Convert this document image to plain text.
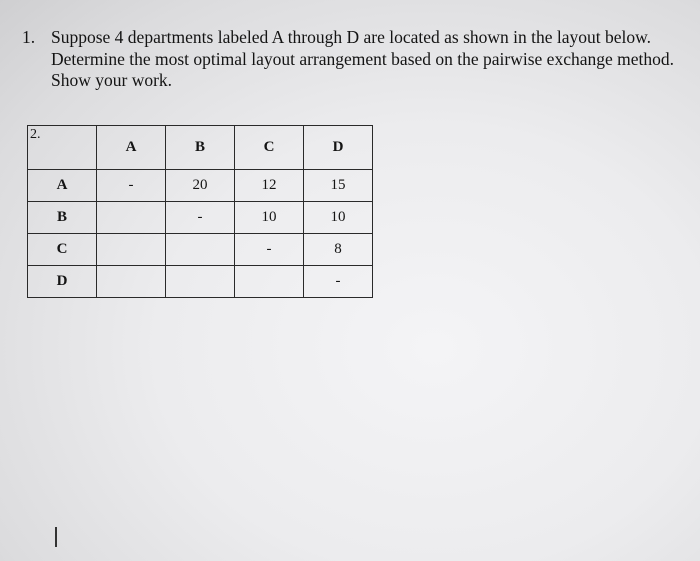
1. Suppose 4 departments labeled A through D are located as shown in the layout below.
Determine the most optimal layout arrangement based on the pairwise exchange method.
Show your work.
	A	B	C	D
A	-	20	12	15
B		-	10	10
C			-	8
D				-
2.
